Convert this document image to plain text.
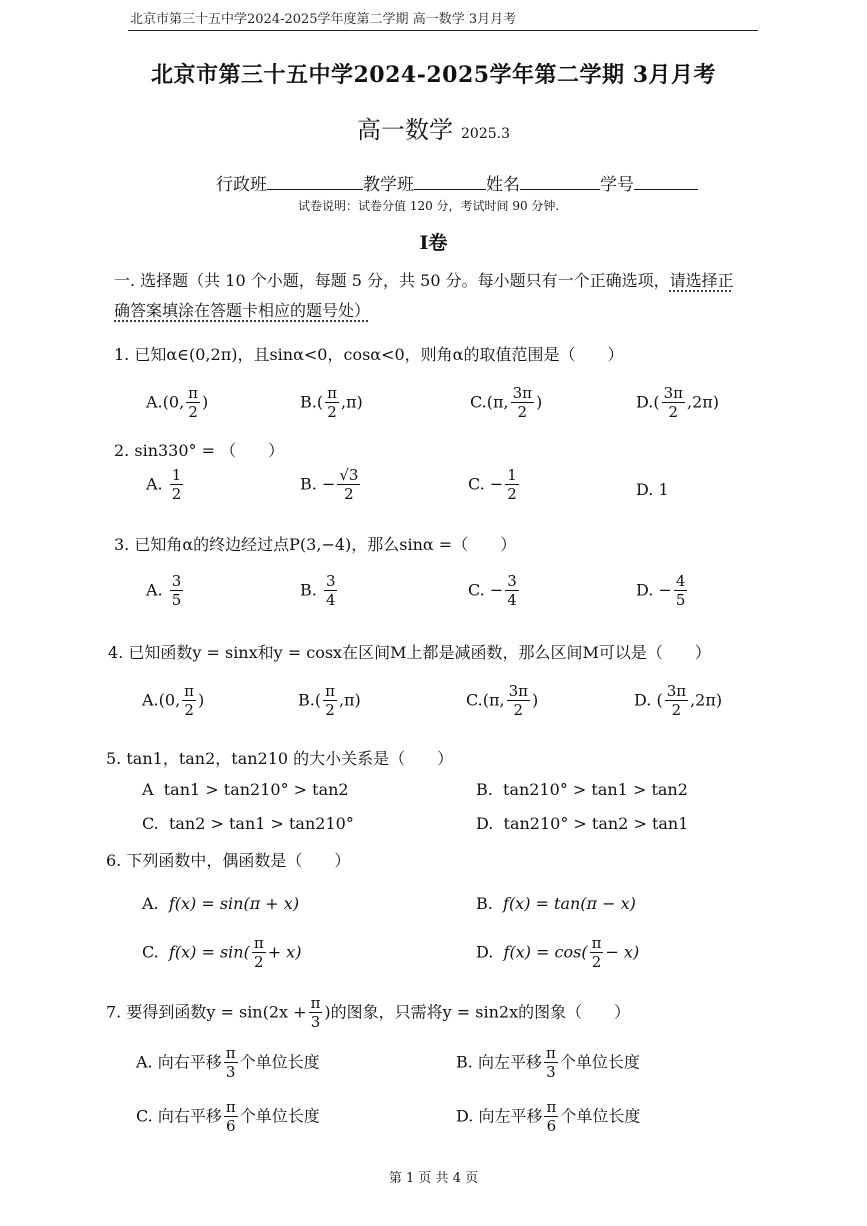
北京市第三十五中学2024-2025学年度第二学期 高一数学 3月月考
北京市第三十五中学2024-2025学年第二学期 3月月考
高一数学 2025.3
行政班	教学班	姓名	学号
试卷说明：试卷分值 120 分，考试时间 90 分钟.
I卷
一. 选择题（共 10 个小题，每题 5 分，共 50 分。每小题只有一个正确选项，请选择正
确答案填涂在答题卡相应的题号处）
1. 已知α∈(0,2π)，且sinα<0，cosα<0，则角α的取值范围是（　　）
A.(0, $\frac{\pi}{2}$ )	$B.( \frac{\pi}{2} ,\pi)$	C.(π, $\frac{3\pi}{2}$ )	$D.( \frac{3\pi}{2} ,2\pi)$
2. sin330° = （　　）
A. $\frac{1}{2}$	B. − $\frac{√3}{2}$	C. − $\frac{1}{2}$	D. 1
3. 已知角α的终边经过点P(3,−4)，那么sinα =（　　）
A. $\frac{3}{5}$	B. $\frac{3}{4}$	C. − $\frac{3}{4}$	D. − $\frac{4}{5}$
4. 已知函数y = sinx和y = cosx在区间M上都是减函数，那么区间M可以是（　　）
A.(0, $\frac{\pi}{2}$ )	$B.( \frac{\pi}{2} ,\pi)$	C.(π, $\frac{3\pi}{2}$ )	D. ( $\frac{3\pi}{2} ,2\pi$)
5. tan1，tan2，tan210 的大小关系是（　　）
A tan1 > tan210° > tan2	B. tan210° > tan1 > tan2
C. tan2 > tan1 > tan210°	D. tan210° > tan2 > tan1
6. 下列函数中，偶函数是（　　）
A. f(x) = sin(π + x)	B. f(x) = tan(π − x)
C. $f(x) = \sin( \frac{\pi}{2} + x)$	D. $f(x) = \cos( \frac{\pi}{2} - x)$
7. 要得到函数$y = \sin(2x + \frac{\pi}{3}$ )的图象，只需将y = sin2x的图象（　　）
A. 向右平移 $\frac{\pi}{3}$ 个单位长度	B. 向左平移 $\frac{\pi}{3}$ 个单位长度
C. 向右平移 $\frac{\pi}{6}$ 个单位长度	D. 向左平移 $\frac{\pi}{6}$ 个单位长度
第 1 页 共 4 页
